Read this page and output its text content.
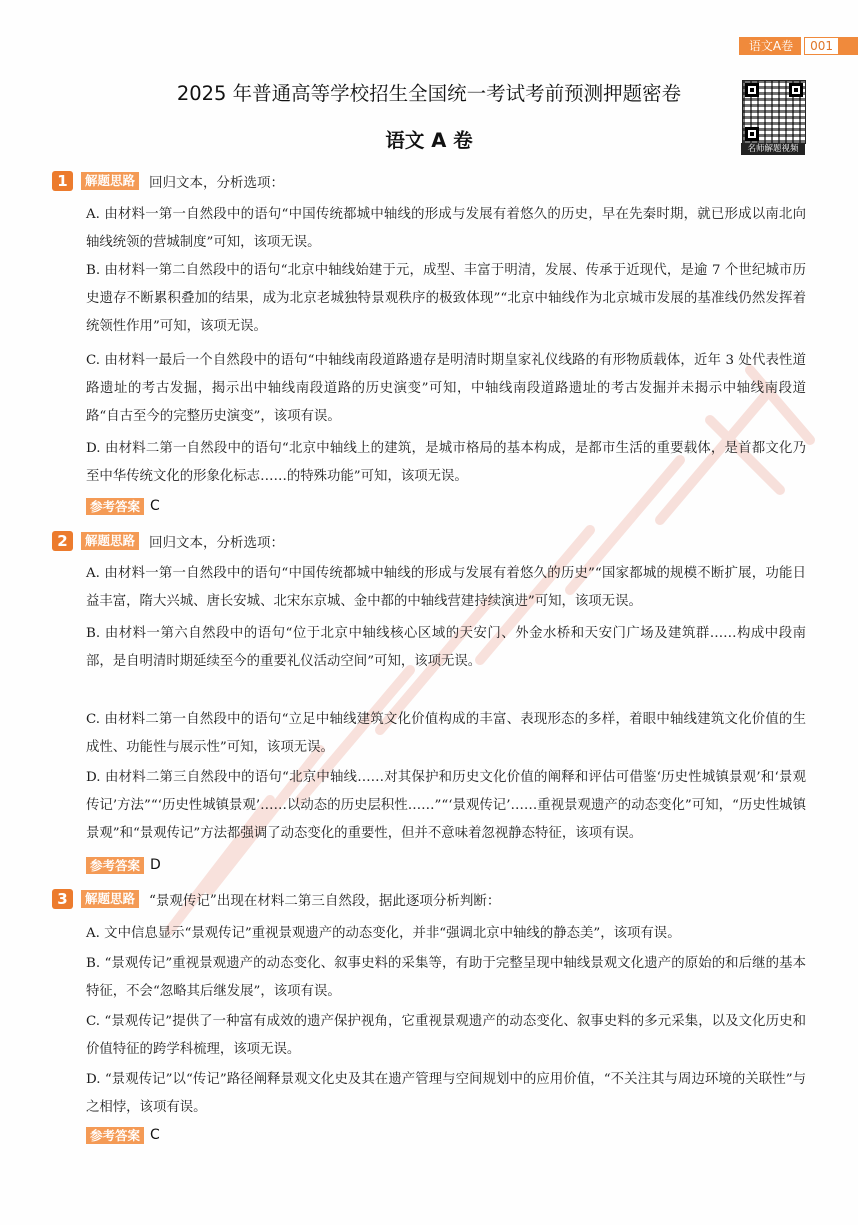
语文A卷	001
2025 年普通高等学校招生全国统一考试考前预测押题密卷
语文 A 卷	名师解题视频
1	解题思路 回归文本，分析选项：

A. 由材料一第一自然段中的语句“中国传统都城中轴线的形成与发展有着悠久的历史，早在先秦时期，就已形成以南北向轴线统领的营城制度”可知，该项无误。

B. 由材料一第二自然段中的语句“北京中轴线始建于元，成型、丰富于明清，发展、传承于近现代，是逾 7 个世纪城市历史遗存不断累积叠加的结果，成为北京老城独特景观秩序的极致体现”“北京中轴线作为北京城市发展的基准线仍然发挥着统领性作用”可知，该项无误。

C. 由材料一最后一个自然段中的语句“中轴线南段道路遗存是明清时期皇家礼仪线路的有形物质载体，近年 3 处代表性道路遗址的考古发掘，揭示出中轴线南段道路的历史演变”可知，中轴线南段道路遗址的考古发掘并未揭示中轴线南段道路“自古至今的完整历史演变”，该项有误。

D. 由材料二第一自然段中的语句“北京中轴线上的建筑，是城市格局的基本构成，是都市生活的重要载体，是首都文化乃至中华传统文化的形象化标志……的特殊功能”可知，该项无误。

参考答案 C
2	解题思路 回归文本，分析选项：

A. 由材料一第一自然段中的语句“中国传统都城中轴线的形成与发展有着悠久的历史”“国家都城的规模不断扩展，功能日益丰富，隋大兴城、唐长安城、北宋东京城、金中都的中轴线营建持续演进”可知，该项无误。

B. 由材料一第六自然段中的语句“位于北京中轴线核心区域的天安门、外金水桥和天安门广场及建筑群……构成中段南部，是自明清时期延续至今的重要礼仪活动空间”可知，该项无误。

C. 由材料二第一自然段中的语句“立足中轴线建筑文化价值构成的丰富、表现形态的多样，着眼中轴线建筑文化价值的生成性、功能性与展示性”可知，该项无误。

D. 由材料二第三自然段中的语句“北京中轴线……对其保护和历史文化价值的阐释和评估可借鉴‘历史性城镇景观’和‘景观传记’方法”“‘历史性城镇景观’……以动态的历史层积性……”“‘景观传记’……重视景观遗产的动态变化”可知，“历史性城镇景观”和“景观传记”方法都强调了动态变化的重要性，但并不意味着忽视静态特征，该项有误。

参考答案 D
3	解题思路 “景观传记”出现在材料二第三自然段，据此逐项分析判断：

A. 文中信息显示“景观传记”重视景观遗产的动态变化，并非“强调北京中轴线的静态美”，该项有误。

B. “景观传记”重视景观遗产的动态变化、叙事史料的采集等，有助于完整呈现中轴线景观文化遗产的原始的和后继的基本特征，不会“忽略其后继发展”，该项有误。

C. “景观传记”提供了一种富有成效的遗产保护视角，它重视景观遗产的动态变化、叙事史料的多元采集，以及文化历史和价值特征的跨学科梳理，该项无误。

D. “景观传记”以“传记”路径阐释景观文化史及其在遗产管理与空间规划中的应用价值，“不关注其与周边环境的关联性”与之相悖，该项有误。

参考答案 C
